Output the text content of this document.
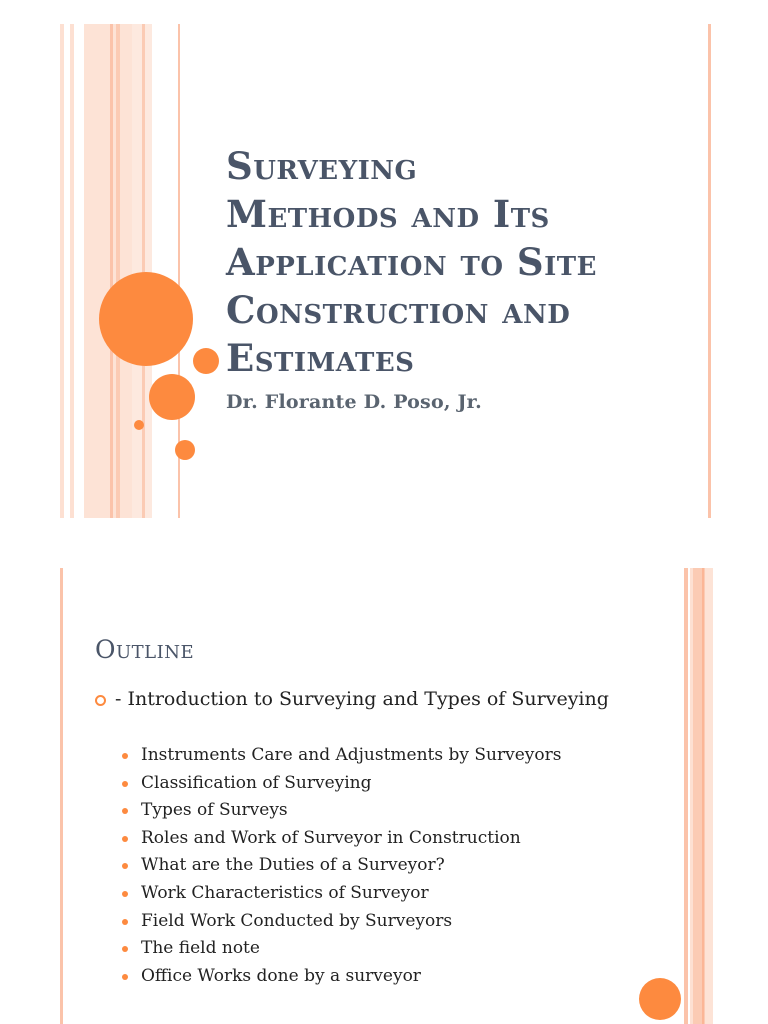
Surveying
Methods and Its
Application to Site
Construction and
Estimates

Dr. Florante D. Poso, Jr.

Outline
- Introduction to Surveying and Types of Surveying
Instruments Care and Adjustments by Surveyors
Classification of Surveying
Types of Surveys
Roles and Work of Surveyor in Construction
What are the Duties of a Surveyor?
Work Characteristics of Surveyor
Field Work Conducted by Surveyors
The field note
Office Works done by a surveyor
